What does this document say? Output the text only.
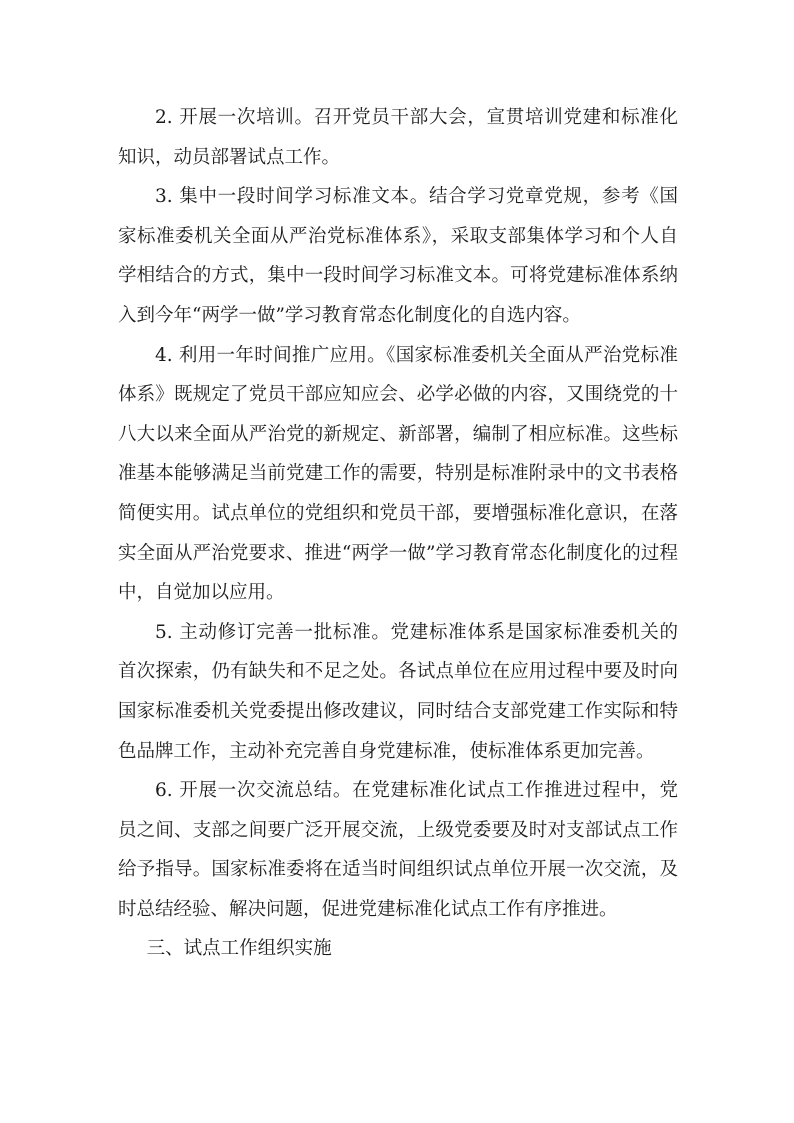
2. 开展一次培训。召开党员干部大会，宣贯培训党建和标准化知识，动员部署试点工作。

3. 集中一段时间学习标准文本。结合学习党章党规，参考《国家标准委机关全面从严治党标准体系》，采取支部集体学习和个人自学相结合的方式，集中一段时间学习标准文本。可将党建标准体系纳入到今年“两学一做”学习教育常态化制度化的自选内容。

4. 利用一年时间推广应用。《国家标准委机关全面从严治党标准体系》既规定了党员干部应知应会、必学必做的内容，又围绕党的十八大以来全面从严治党的新规定、新部署，编制了相应标准。这些标准基本能够满足当前党建工作的需要，特别是标准附录中的文书表格简便实用。试点单位的党组织和党员干部，要增强标准化意识，在落实全面从严治党要求、推进“两学一做”学习教育常态化制度化的过程中，自觉加以应用。

5. 主动修订完善一批标准。党建标准体系是国家标准委机关的首次探索，仍有缺失和不足之处。各试点单位在应用过程中要及时向国家标准委机关党委提出修改建议，同时结合支部党建工作实际和特色品牌工作，主动补充完善自身党建标准，使标准体系更加完善。

6. 开展一次交流总结。在党建标准化试点工作推进过程中，党员之间、支部之间要广泛开展交流，上级党委要及时对支部试点工作给予指导。国家标准委将在适当时间组织试点单位开展一次交流，及时总结经验、解决问题，促进党建标准化试点工作有序推进。

三、试点工作组织实施
